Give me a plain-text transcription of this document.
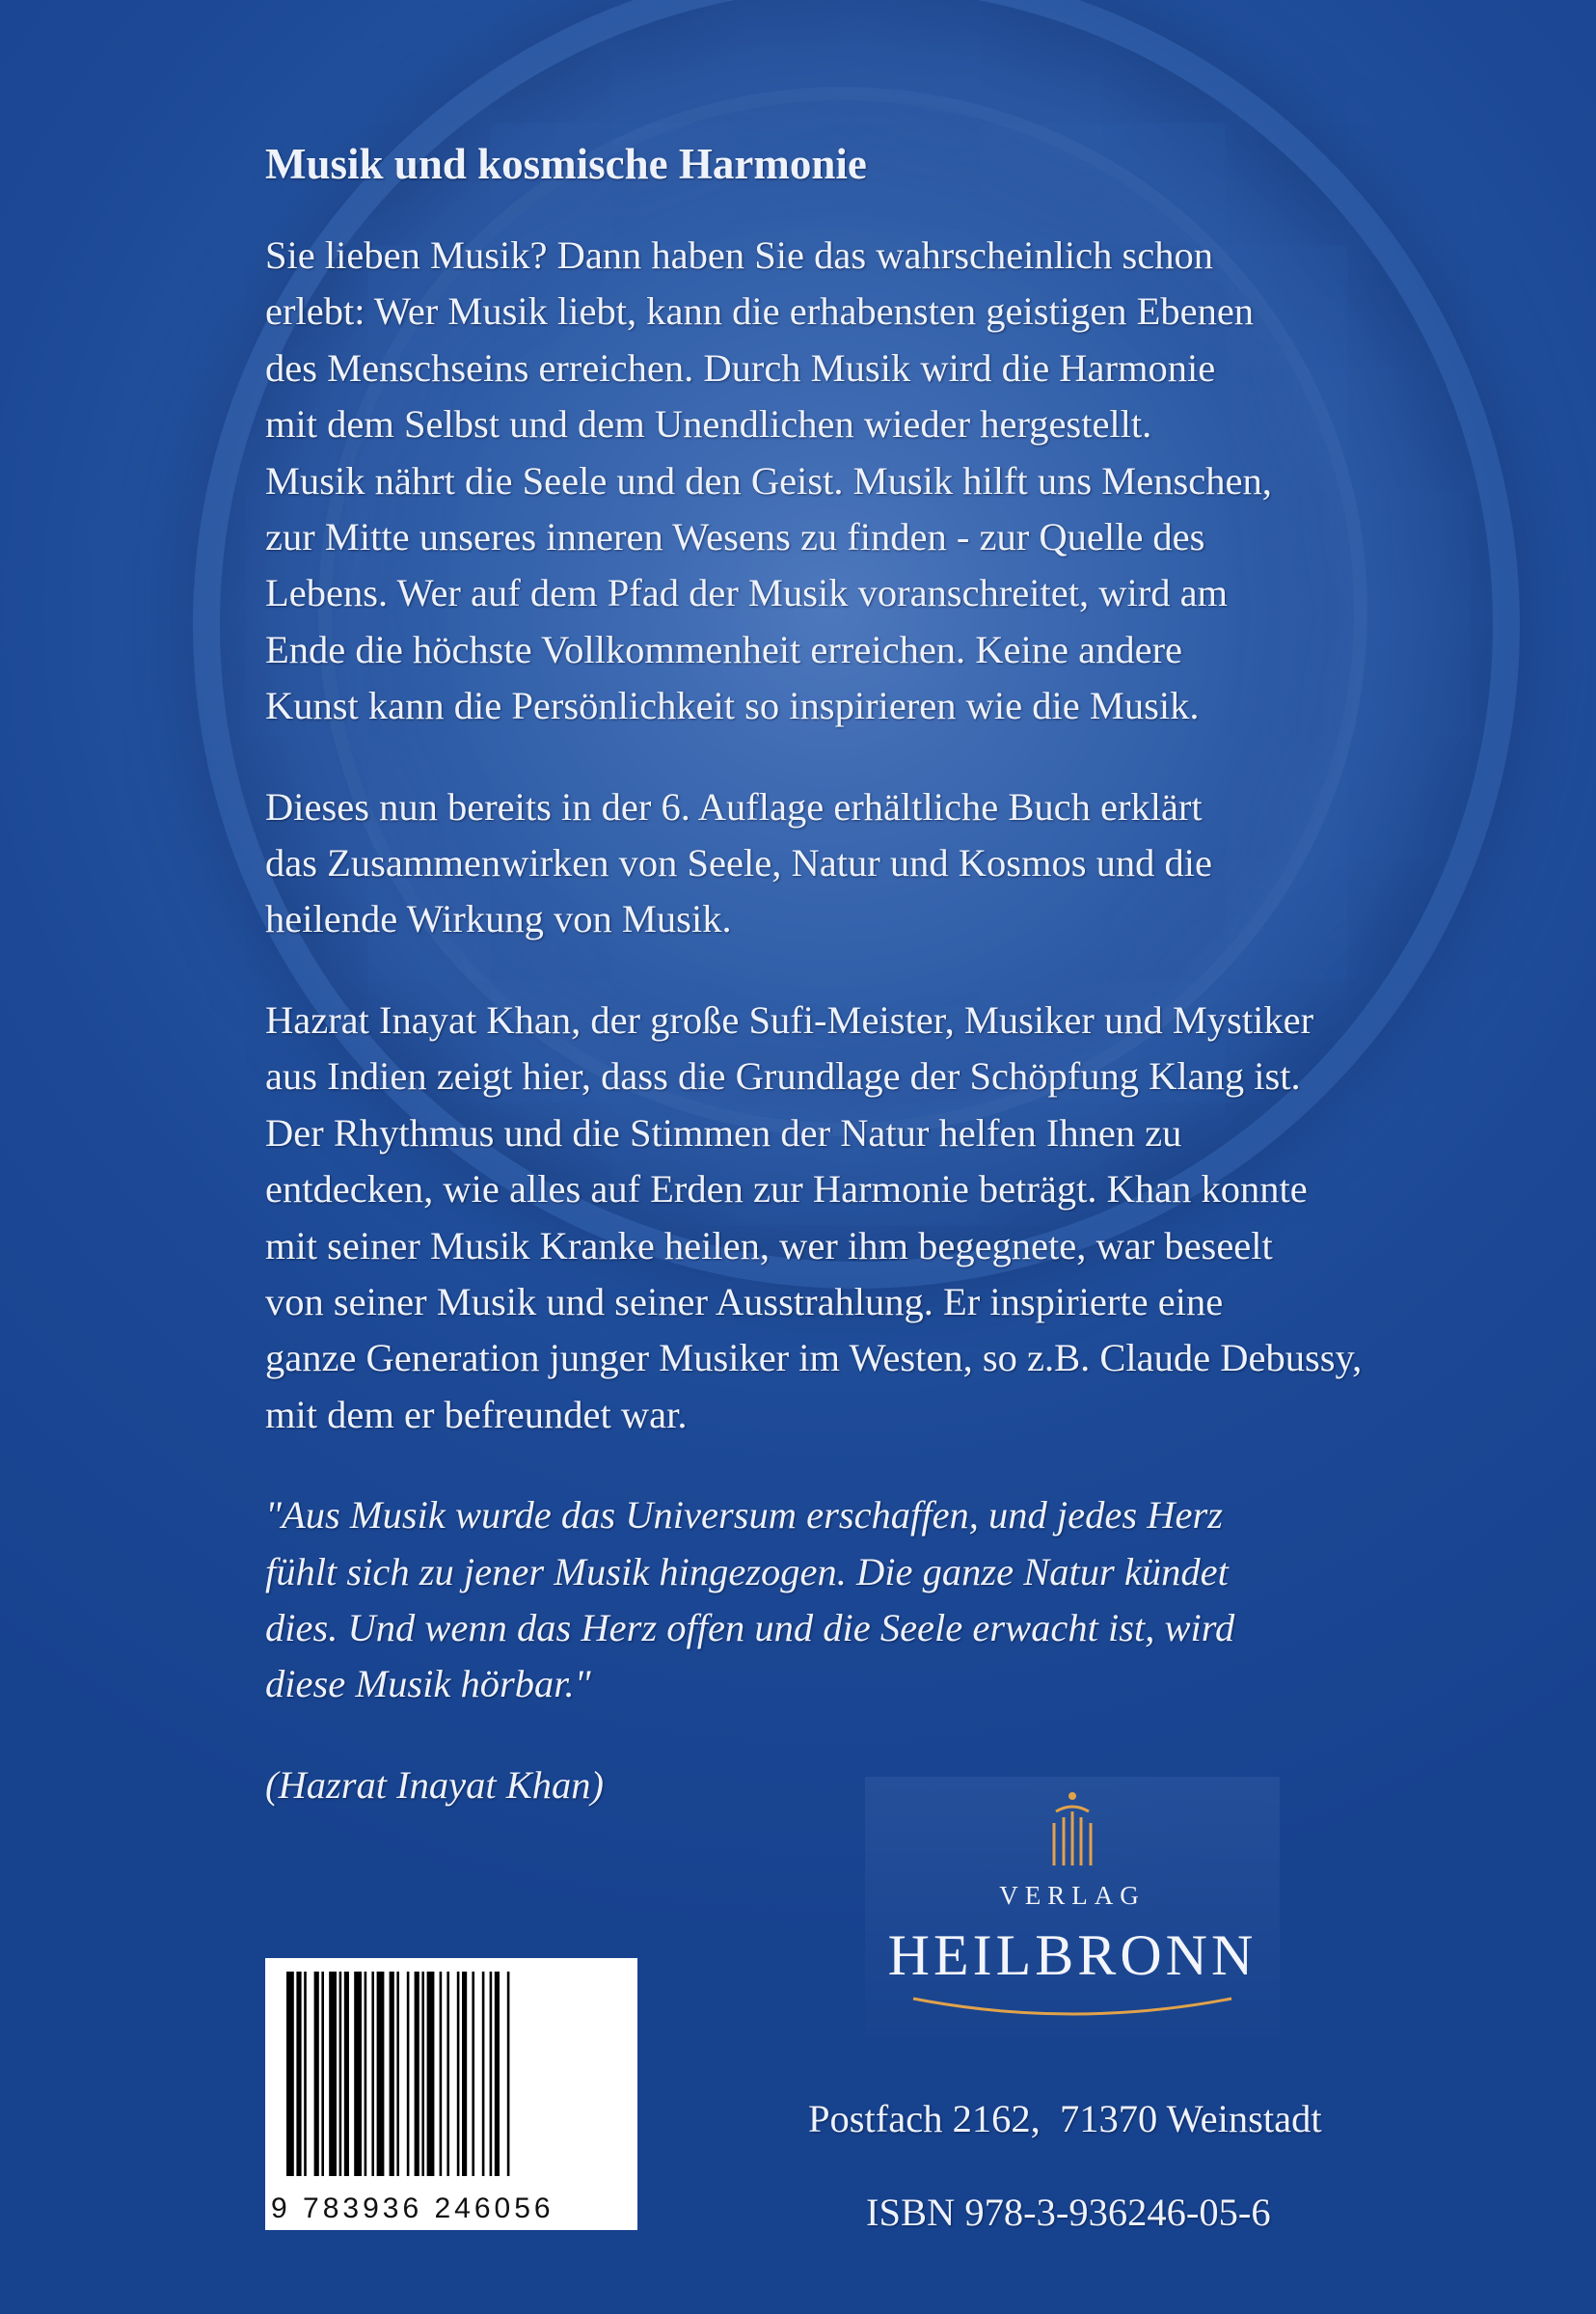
Musik und kosmische Harmonie
Sie lieben Musik? Dann haben Sie das wahrscheinlich schon
erlebt: Wer Musik liebt, kann die erhabensten geistigen Ebenen
des Menschseins erreichen. Durch Musik wird die Harmonie
mit dem Selbst und dem Unendlichen wieder hergestellt.
Musik nährt die Seele und den Geist. Musik hilft uns Menschen,
zur Mitte unseres inneren Wesens zu finden - zur Quelle des
Lebens. Wer auf dem Pfad der Musik voranschreitet, wird am
Ende die höchste Vollkommenheit erreichen. Keine andere
Kunst kann die Persönlichkeit so inspirieren wie die Musik.
Dieses nun bereits in der 6. Auflage erhältliche Buch erklärt
das Zusammenwirken von Seele, Natur und Kosmos und die
heilende Wirkung von Musik.
Hazrat Inayat Khan, der große Sufi-Meister, Musiker und Mystiker
aus Indien zeigt hier, dass die Grundlage der Schöpfung Klang ist.
Der Rhythmus und die Stimmen der Natur helfen Ihnen zu
entdecken, wie alles auf Erden zur Harmonie beträgt. Khan konnte
mit seiner Musik Kranke heilen, wer ihm begegnete, war beseelt
von seiner Musik und seiner Ausstrahlung. Er inspirierte eine
ganze Generation junger Musiker im Westen, so z.B. Claude Debussy,
mit dem er befreundet war.
"Aus Musik wurde das Universum erschaffen, und jedes Herz
fühlt sich zu jener Musik hingezogen. Die ganze Natur kündet
dies. Und wenn das Herz offen und die Seele erwacht ist, wird
diese Musik hörbar."
(Hazrat Inayat Khan)
VERLAG
HEILBRONN
9 783936 246056
Postfach 2162,  71370 Weinstadt
ISBN 978-3-936246-05-6
